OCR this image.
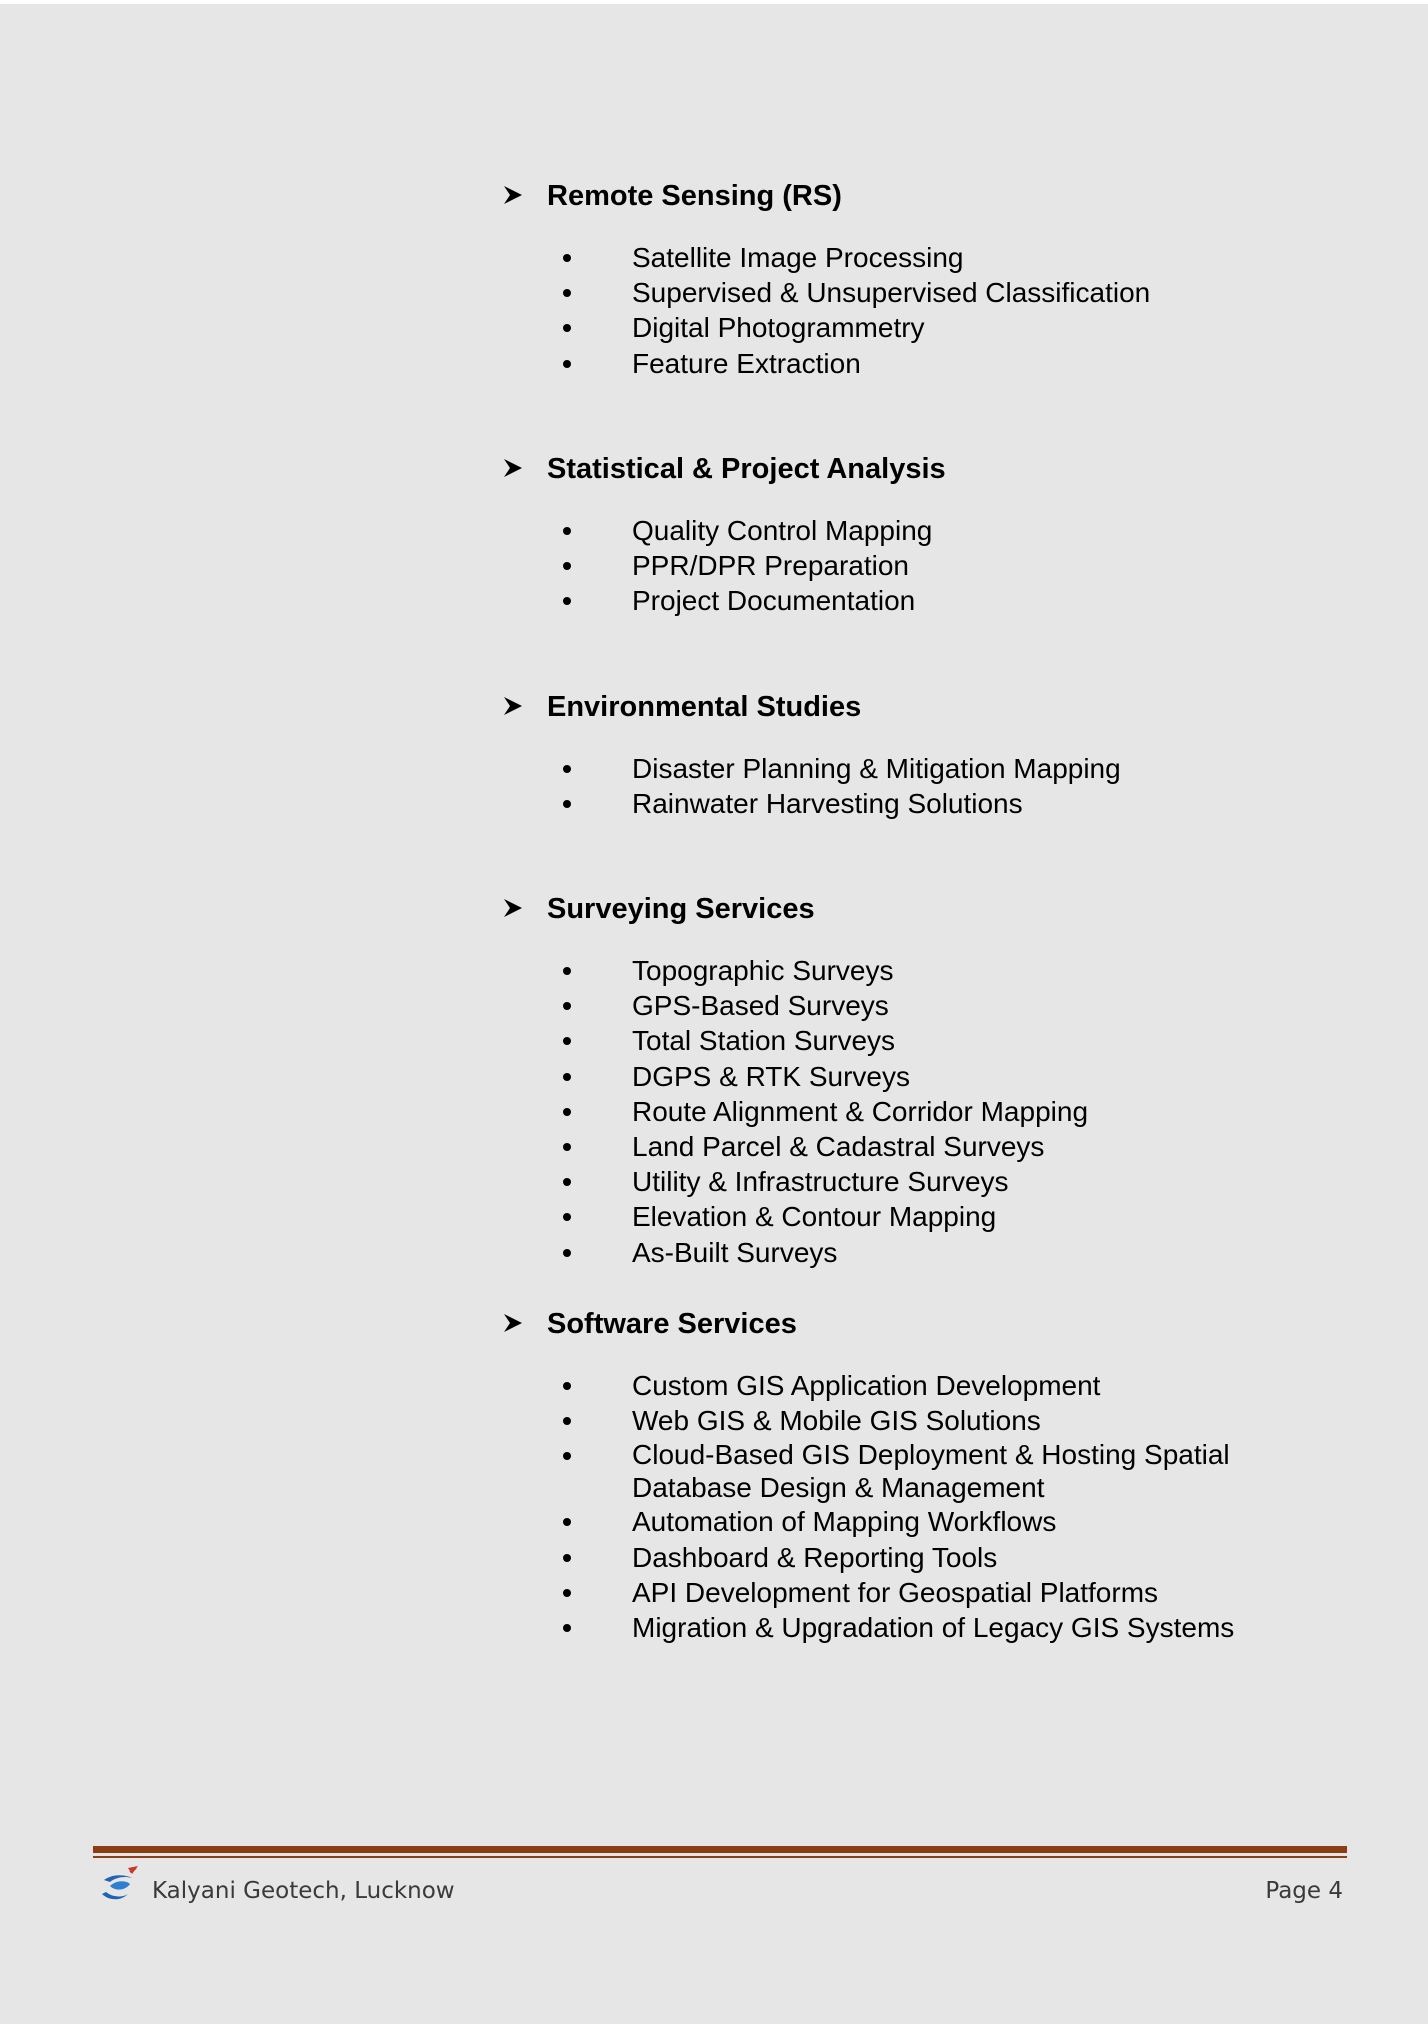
Remote Sensing (RS)
Satellite Image Processing
Supervised & Unsupervised Classification
Digital Photogrammetry
Feature Extraction
Statistical & Project Analysis
Quality Control Mapping
PPR/DPR Preparation
Project Documentation
Environmental Studies
Disaster Planning & Mitigation Mapping
Rainwater Harvesting Solutions
Surveying Services
Topographic Surveys
GPS-Based Surveys
Total Station Surveys
DGPS & RTK Surveys
Route Alignment & Corridor Mapping
Land Parcel & Cadastral Surveys
Utility & Infrastructure Surveys
Elevation & Contour Mapping
As-Built Surveys
Software Services
Custom GIS Application Development
Web GIS & Mobile GIS Solutions
Cloud-Based GIS Deployment & Hosting Spatial Database Design & Management
Automation of Mapping Workflows
Dashboard & Reporting Tools
API Development for Geospatial Platforms
Migration & Upgradation of Legacy GIS Systems
Kalyani Geotech, Lucknow	Page 4
